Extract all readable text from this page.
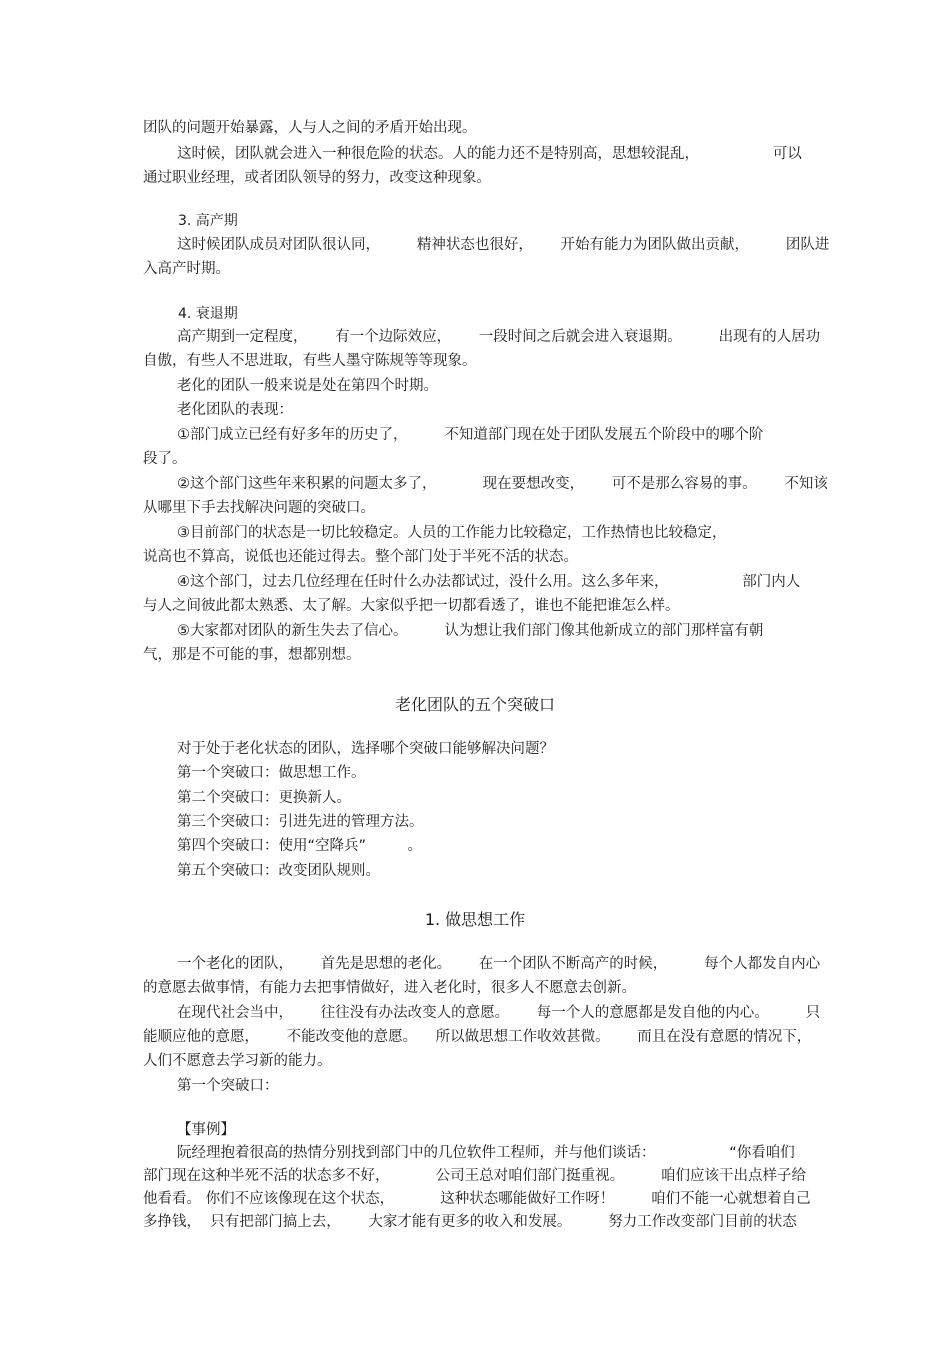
团队的问题开始暴露，人与人之间的矛盾开始出现。
这时候，团队就会进入一种很危险的状态。人的能力还不是特别高，思想较混乱，                可以
通过职业经理，或者团队领导的努力，改变这种现象。
3. 高产期
这时候团队成员对团队很认同，        精神状态也很好，      开始有能力为团队做出贡献，        团队进
入高产时期。
4. 衰退期
高产期到一定程度，      有一个边际效应，      一段时间之后就会进入衰退期。        出现有的人居功
自傲，有些人不思进取，有些人墨守陈规等等现象。
老化的团队一般来说是处在第四个时期。
老化团队的表现：
①部门成立已经有好多年的历史了，        不知道部门现在处于团队发展五个阶段中的哪个阶
段了。
②这个部门这些年来积累的问题太多了，          现在要想改变，      可不是那么容易的事。      不知该
从哪里下手去找解决问题的突破口。
③目前部门的状态是一切比较稳定。人员的工作能力比较稳定，工作热情也比较稳定，
说高也不算高，说低也还能过得去。整个部门处于半死不活的状态。
④这个部门，过去几位经理在任时什么办法都试过，没什么用。这么多年来，                部门内人
与人之间彼此都太熟悉、太了解。大家似乎把一切都看透了，谁也不能把谁怎么样。
⑤大家都对团队的新生失去了信心。        认为想让我们部门像其他新成立的部门那样富有朝
气，那是不可能的事，想都别想。
老化团队的五个突破口
对于处于老化状态的团队，选择哪个突破口能够解决问题？
第一个突破口：做思想工作。
第二个突破口：更换新人。
第三个突破口：引进先进的管理方法。
第四个突破口：使用“空降兵”         。
第五个突破口：改变团队规则。
1. 做思想工作
一个老化的团队，      首先是思想的老化。      在一个团队不断高产的时候，        每个人都发自内心
的意愿去做事情，有能力去把事情做好，进入老化时，很多人不愿意去创新。
在现代社会当中，      往往没有办法改变人的意愿。      每一个人的意愿都是发自他的内心。        只
能顺应他的意愿，      不能改变他的意愿。    所以做思想工作收效甚微。      而且在没有意愿的情况下，
人们不愿意去学习新的能力。
第一个突破口：
【事例】
阮经理抱着很高的热情分别找到部门中的几位软件工程师，并与他们谈话：                “你看咱们
部门现在这种半死不活的状态多不好，          公司王总对咱们部门挺重视。        咱们应该干出点样子给
他看看。 你们不应该像现在这个状态，          这种状态哪能做好工作呀！        咱们不能一心就想着自己
多挣钱，  只有把部门搞上去，      大家才能有更多的收入和发展。        努力工作改变部门目前的状态
